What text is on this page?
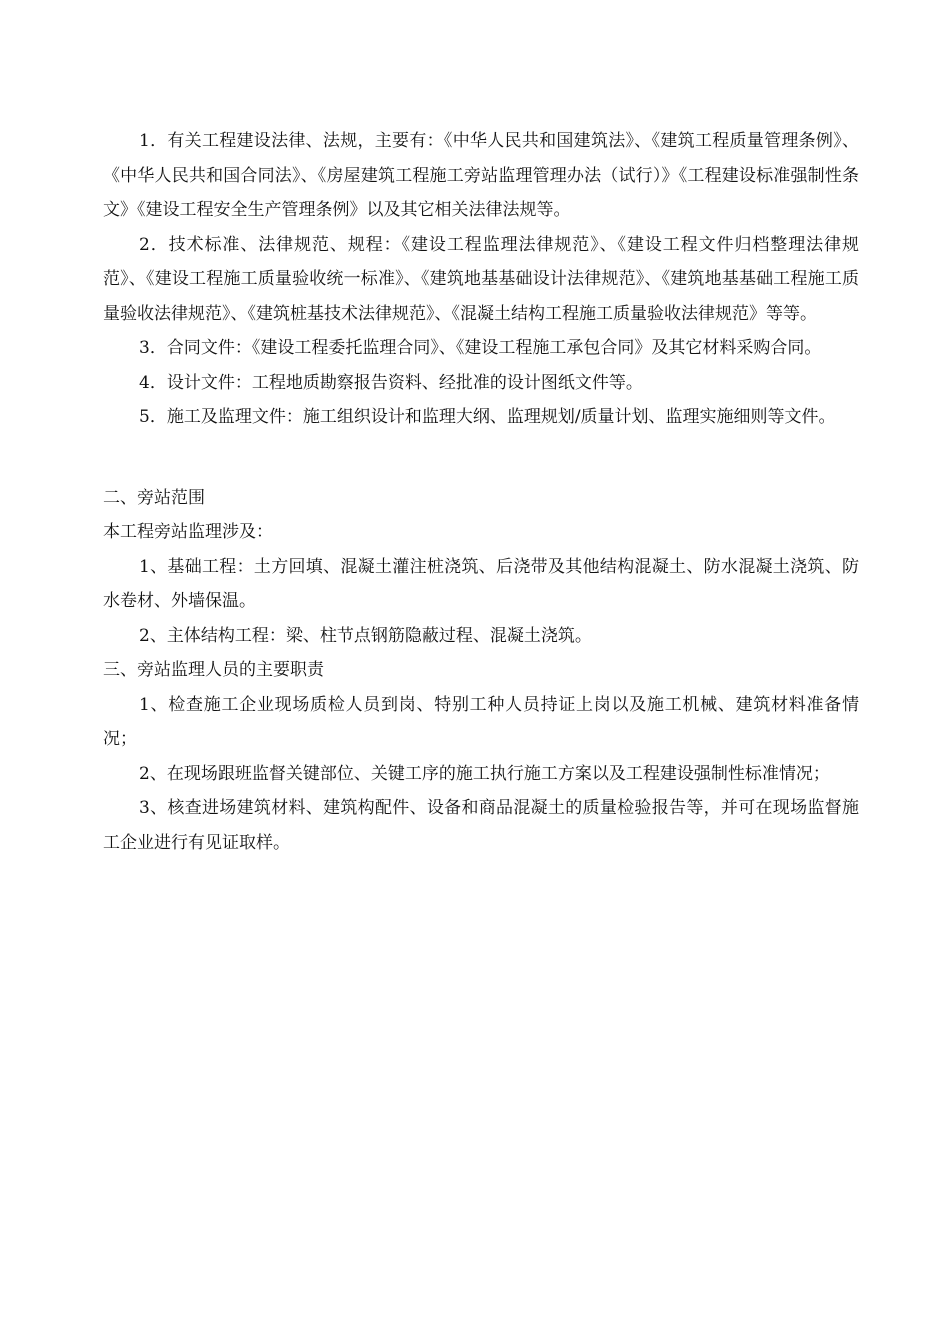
1．有关工程建设法律、法规，主要有：《中华人民共和国建筑法》、《建筑工程质量管理条例》、《中华人民共和国合同法》、《房屋建筑工程施工旁站监理管理办法（试行）》《工程建设标准强制性条文》《建设工程安全生产管理条例》以及其它相关法律法规等。

2．技术标准、法律规范、规程：《建设工程监理法律规范》、《建设工程文件归档整理法律规范》、《建设工程施工质量验收统一标准》、《建筑地基基础设计法律规范》、《建筑地基基础工程施工质量验收法律规范》、《建筑桩基技术法律规范》、《混凝土结构工程施工质量验收法律规范》等等。

3．合同文件：《建设工程委托监理合同》、《建设工程施工承包合同》及其它材料采购合同。

4．设计文件：工程地质勘察报告资料、经批准的设计图纸文件等。

5．施工及监理文件：施工组织设计和监理大纲、监理规划/质量计划、监理实施细则等文件。

二、旁站范围

本工程旁站监理涉及：

1、基础工程：土方回填、混凝土灌注桩浇筑、后浇带及其他结构混凝土、防水混凝土浇筑、防水卷材、外墙保温。

2、主体结构工程：梁、柱节点钢筋隐蔽过程、混凝土浇筑。

三、旁站监理人员的主要职责

1、检查施工企业现场质检人员到岗、特别工种人员持证上岗以及施工机械、建筑材料准备情况；

2、在现场跟班监督关键部位、关键工序的施工执行施工方案以及工程建设强制性标准情况；

3、核查进场建筑材料、建筑构配件、设备和商品混凝土的质量检验报告等，并可在现场监督施工企业进行有见证取样。
